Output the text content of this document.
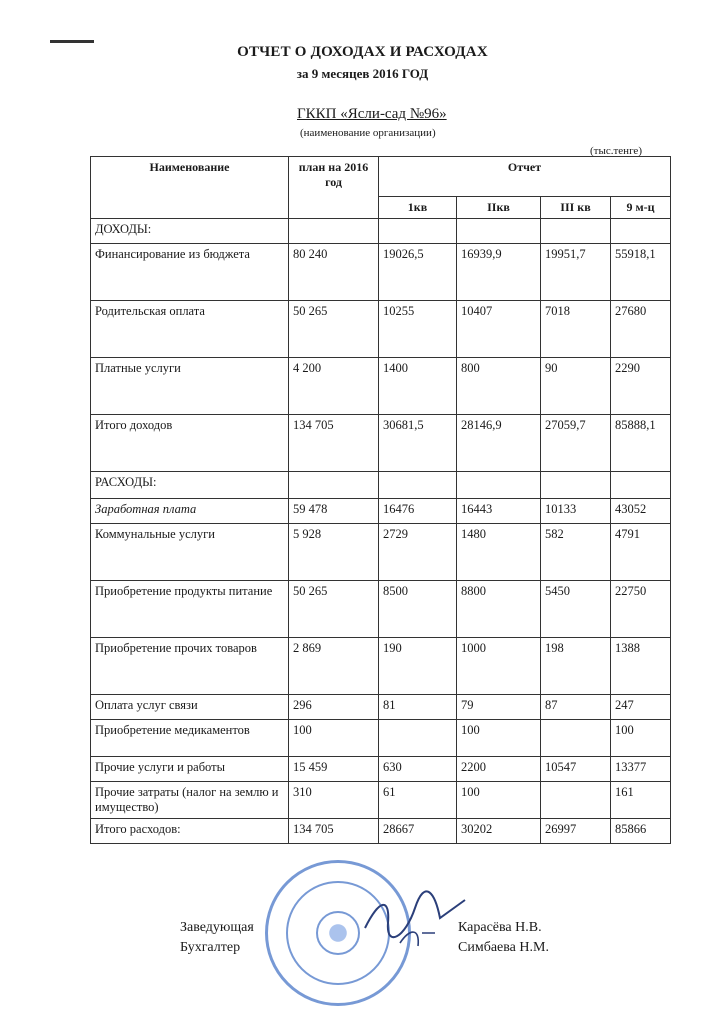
ОТЧЕТ О ДОХОДАХ И РАСХОДАХ
за 9 месяцев 2016 ГОД
ГККП «Ясли-сад №96»
(наименование организации)
(тыс.тенге)
Наименование	план на 2016 год	Отчет			
		1кв	IIкв	III кв	9 м-ц
ДОХОДЫ:					
Финансирование из бюджета	80 240	19026,5	16939,9	19951,7	55918,1
Родительская оплата	50 265	10255	10407	7018	27680
Платные услуги	4 200	1400	800	90	2290
Итого доходов	134 705	30681,5	28146,9	27059,7	85888,1
РАСХОДЫ:					
Заработная плата	59 478	16476	16443	10133	43052
Коммунальные услуги	5 928	2729	1480	582	4791
Приобретение продукты питание	50 265	8500	8800	5450	22750
Приобретение прочих товаров	2 869	190	1000	198	1388
Оплата услуг связи	296	81	79	87	247
Приобретение медикаментов	100		100		100
Прочие услуги и работы	15 459	630	2200	10547	13377
Прочие затраты (налог на землю и имущество)	310	61	100		161
Итого расходов:	134 705	28667	30202	26997	85866
Заведующая
Бухгалтер
Карасёва Н.В.
Симбаева Н.М.
